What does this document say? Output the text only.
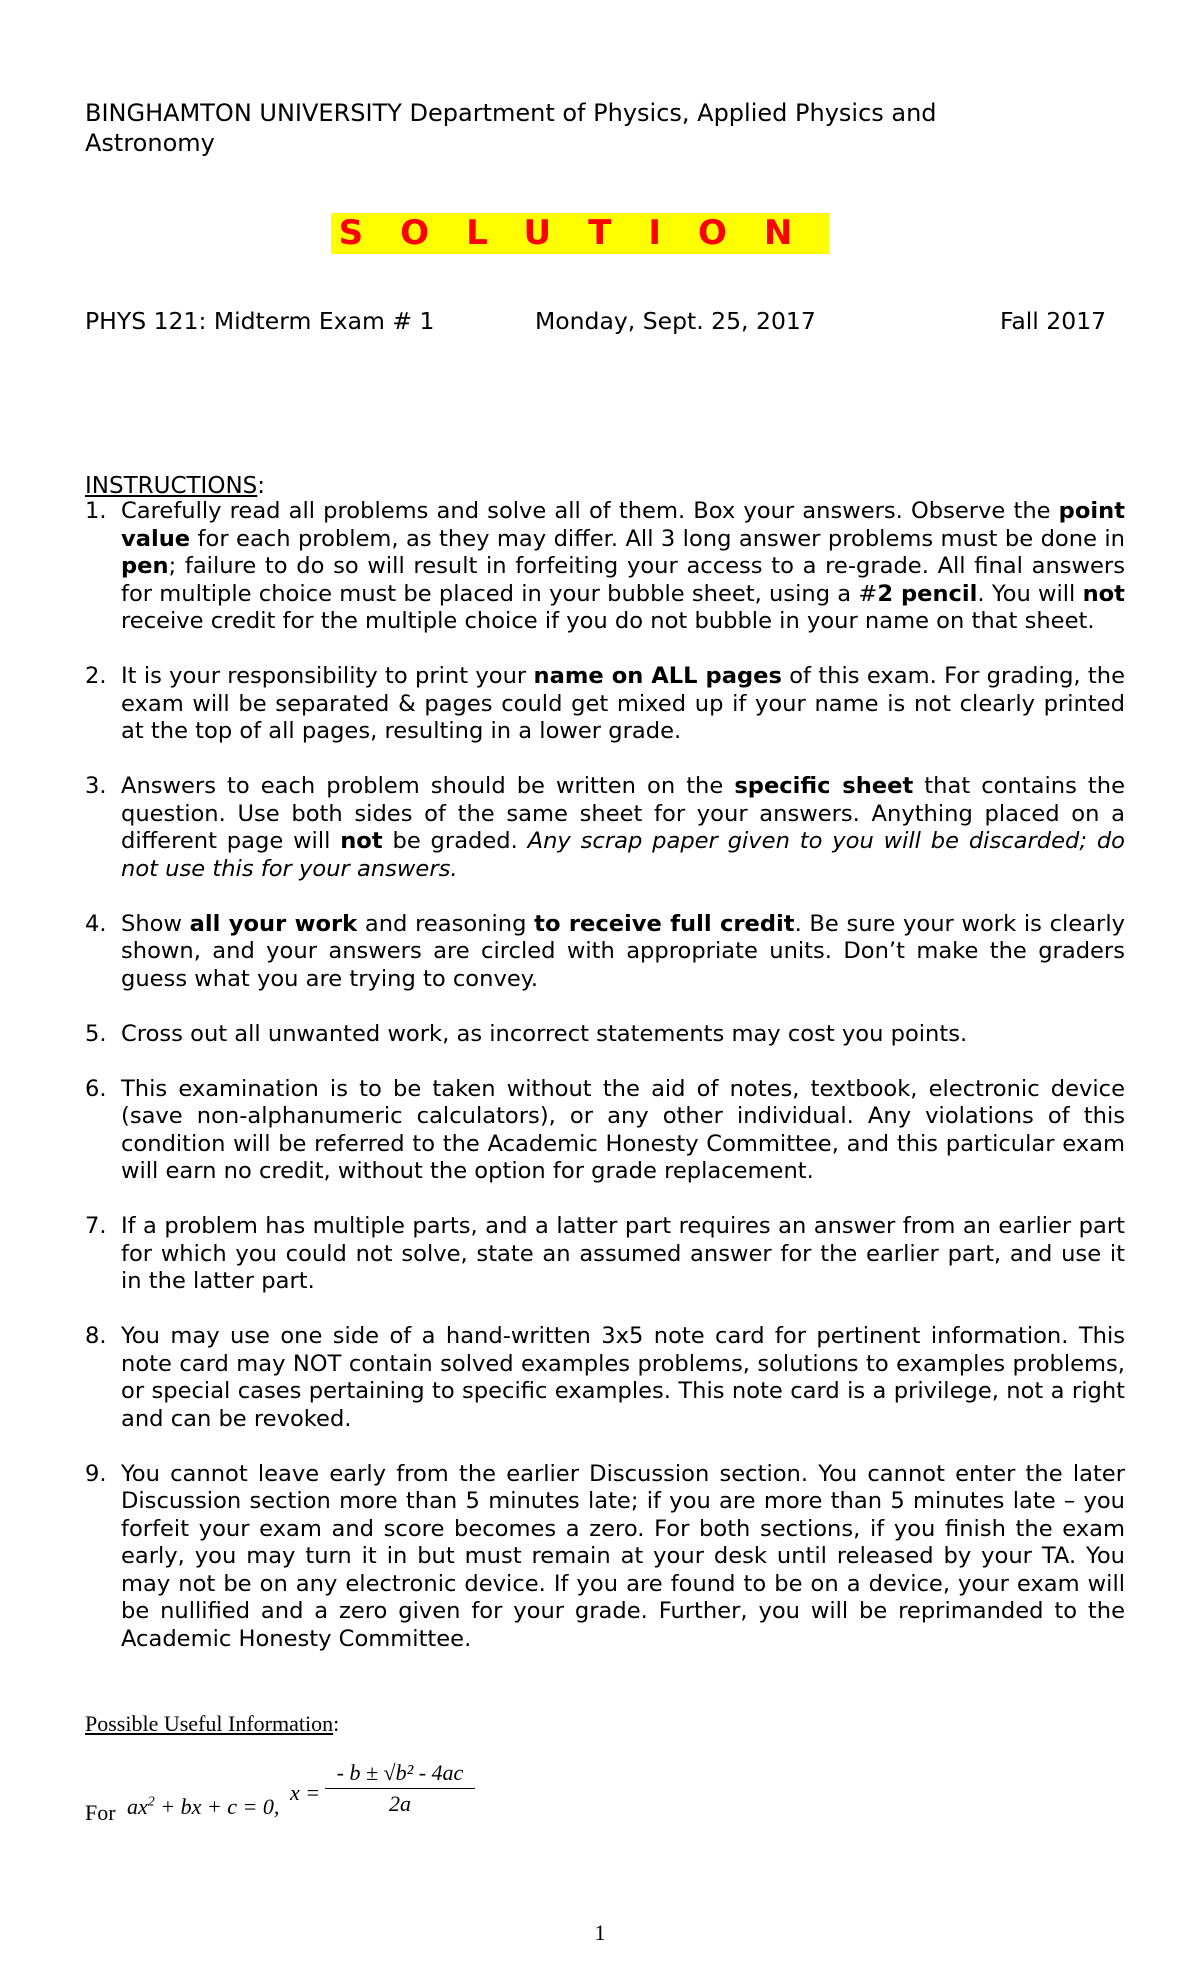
BINGHAMTON UNIVERSITY Department of Physics, Applied Physics and Astronomy
SOLUTION
PHYS 121: Midterm Exam # 1	Monday, Sept. 25, 2017	Fall 2017
INSTRUCTIONS:
1. Carefully read all problems and solve all of them. Box your answers. Observe the point value for each problem, as they may differ. All 3 long answer problems must be done in pen; failure to do so will result in forfeiting your access to a re-grade. All final answers for multiple choice must be placed in your bubble sheet, using a #2 pencil. You will not receive credit for the multiple choice if you do not bubble in your name on that sheet.
2. It is your responsibility to print your name on ALL pages of this exam. For grading, the exam will be separated & pages could get mixed up if your name is not clearly printed at the top of all pages, resulting in a lower grade.
3. Answers to each problem should be written on the specific sheet that contains the question. Use both sides of the same sheet for your answers. Anything placed on a different page will not be graded. Any scrap paper given to you will be discarded; do not use this for your answers.
4. Show all your work and reasoning to receive full credit. Be sure your work is clearly shown, and your answers are circled with appropriate units. Don’t make the graders guess what you are trying to convey.
5. Cross out all unwanted work, as incorrect statements may cost you points.
6. This examination is to be taken without the aid of notes, textbook, electronic device (save non-alphanumeric calculators), or any other individual. Any violations of this condition will be referred to the Academic Honesty Committee, and this particular exam will earn no credit, without the option for grade replacement.
7. If a problem has multiple parts, and a latter part requires an answer from an earlier part for which you could not solve, state an assumed answer for the earlier part, and use it in the latter part.
8. You may use one side of a hand-written 3x5 note card for pertinent information. This note card may NOT contain solved examples problems, solutions to examples problems, or special cases pertaining to specific examples. This note card is a privilege, not a right and can be revoked.
9. You cannot leave early from the earlier Discussion section. You cannot enter the later Discussion section more than 5 minutes late; if you are more than 5 minutes late – you forfeit your exam and score becomes a zero. For both sections, if you finish the exam early, you may turn it in but must remain at your desk until released by your TA. You may not be on any electronic device. If you are found to be on a device, your exam will be nullified and a zero given for your grade. Further, you will be reprimanded to the Academic Honesty Committee.
Possible Useful Information:
For $ax^2$ + bx + c = 0,
$x = \frac{\text{- b ± √b² - 4ac}}{2a}$
1
